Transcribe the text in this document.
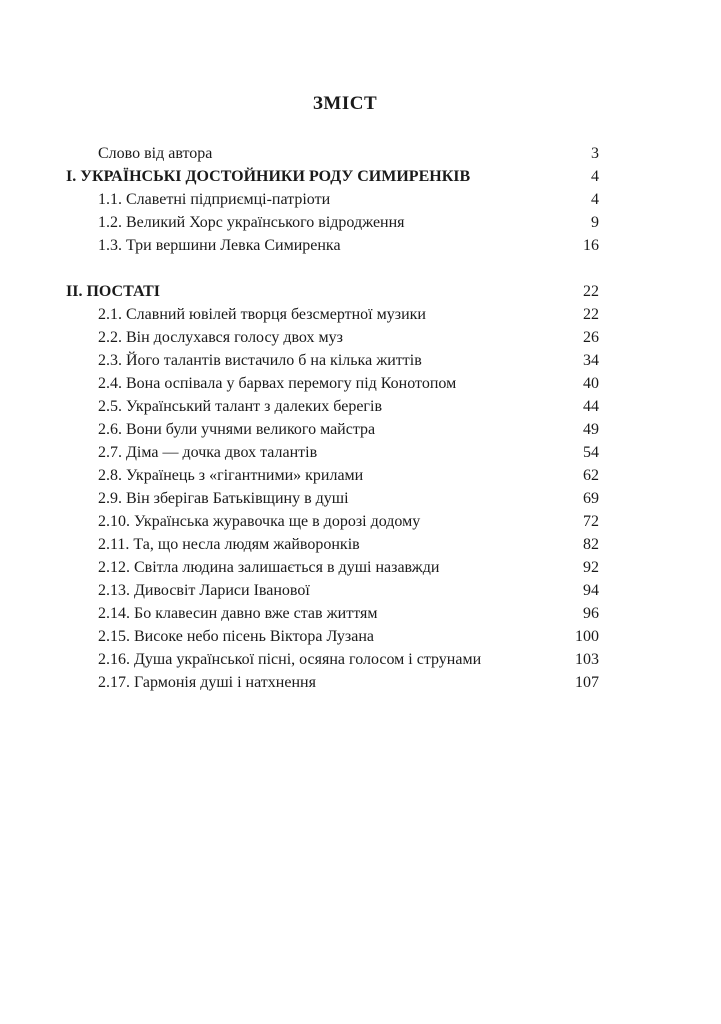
ЗМІСТ
Слово від автора	3
I. УКРАЇНСЬКІ ДОСТОЙНИКИ РОДУ СИМИРЕНКІВ	4
1.1. Славетні підприємці-патріоти	4
1.2. Великий Хорс українського відродження	9
1.3. Три вершини Левка Симиренка	16
II. ПОСТАТІ	22
2.1. Славний ювілей творця безсмертної музики	22
2.2. Він дослухався голосу двох муз	26
2.3. Його талантів вистачило б на кілька життів	34
2.4. Вона оспівала у барвах перемогу під Конотопом	40
2.5. Український талант з далеких берегів	44
2.6. Вони були учнями великого майстра	49
2.7. Діма — дочка двох талантів	54
2.8. Українець з «гігантними» крилами	62
2.9. Він зберігав Батьківщину в душі	69
2.10. Українська журавочка ще в дорозі додому	72
2.11. Та, що несла людям жайворонків	82
2.12. Світла людина залишається в душі назавжди	92
2.13. Дивосвіт Лариси Іванової	94
2.14. Бо клавесин давно вже став життям	96
2.15. Високе небо пісень Віктора Лузана	100
2.16. Душа української пісні, осяяна голосом і струнами	103
2.17. Гармонія душі і натхнення	107
